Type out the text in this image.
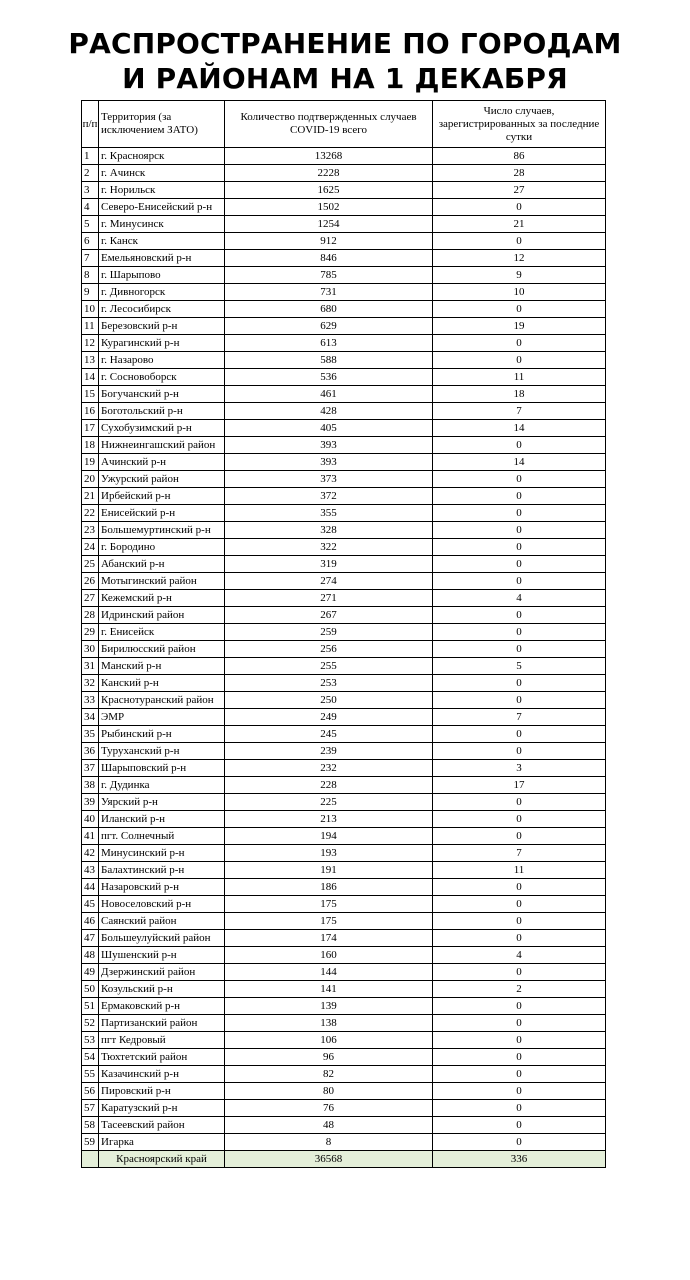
РАСПРОСТРАНЕНИЕ ПО ГОРОДАМ
И РАЙОНАМ НА 1 ДЕКАБРЯ
п/п	Территория (за исключением ЗАТО)	Количество подтвержденных случаев COVID-19 всего	Число случаев, зарегистрированных за последние сутки
1	г. Красноярск	13268	86
2	г. Ачинск	2228	28
3	г. Норильск	1625	27
4	Северо-Енисейский р-н	1502	0
5	г. Минусинск	1254	21
6	г. Канск	912	0
7	Емельяновский р-н	846	12
8	г. Шарыпово	785	9
9	г. Дивногорск	731	10
10	г. Лесосибирск	680	0
11	Березовский р-н	629	19
12	Курагинский р-н	613	0
13	г. Назарово	588	0
14	г. Сосновоборск	536	11
15	Богучанский р-н	461	18
16	Боготольский р-н	428	7
17	Сухобузимский р-н	405	14
18	Нижнеингашский район	393	0
19	Ачинский р-н	393	14
20	Ужурский район	373	0
21	Ирбейский р-н	372	0
22	Енисейский р-н	355	0
23	Большемуртинский р-н	328	0
24	г. Бородино	322	0
25	Абанский р-н	319	0
26	Мотыгинский район	274	0
27	Кежемский р-н	271	4
28	Идринский район	267	0
29	г. Енисейск	259	0
30	Бирилюсский район	256	0
31	Манский р-н	255	5
32	Канский р-н	253	0
33	Краснотуранский район	250	0
34	ЭМР	249	7
35	Рыбинский р-н	245	0
36	Туруханский р-н	239	0
37	Шарыповский р-н	232	3
38	г. Дудинка	228	17
39	Уярский р-н	225	0
40	Иланский р-н	213	0
41	пгт. Солнечный	194	0
42	Минусинский р-н	193	7
43	Балахтинский р-н	191	11
44	Назаровский р-н	186	0
45	Новоселовский р-н	175	0
46	Саянский район	175	0
47	Большеулуйский район	174	0
48	Шушенский р-н	160	4
49	Дзержинский район	144	0
50	Козульский р-н	141	2
51	Ермаковский р-н	139	0
52	Партизанский район	138	0
53	пгт Кедровый	106	0
54	Тюхтетский район	96	0
55	Казачинский р-н	82	0
56	Пировский р-н	80	0
57	Каратузский р-н	76	0
58	Тасеевский район	48	0
59	Игарка	8	0
	Красноярский край	36568	336
